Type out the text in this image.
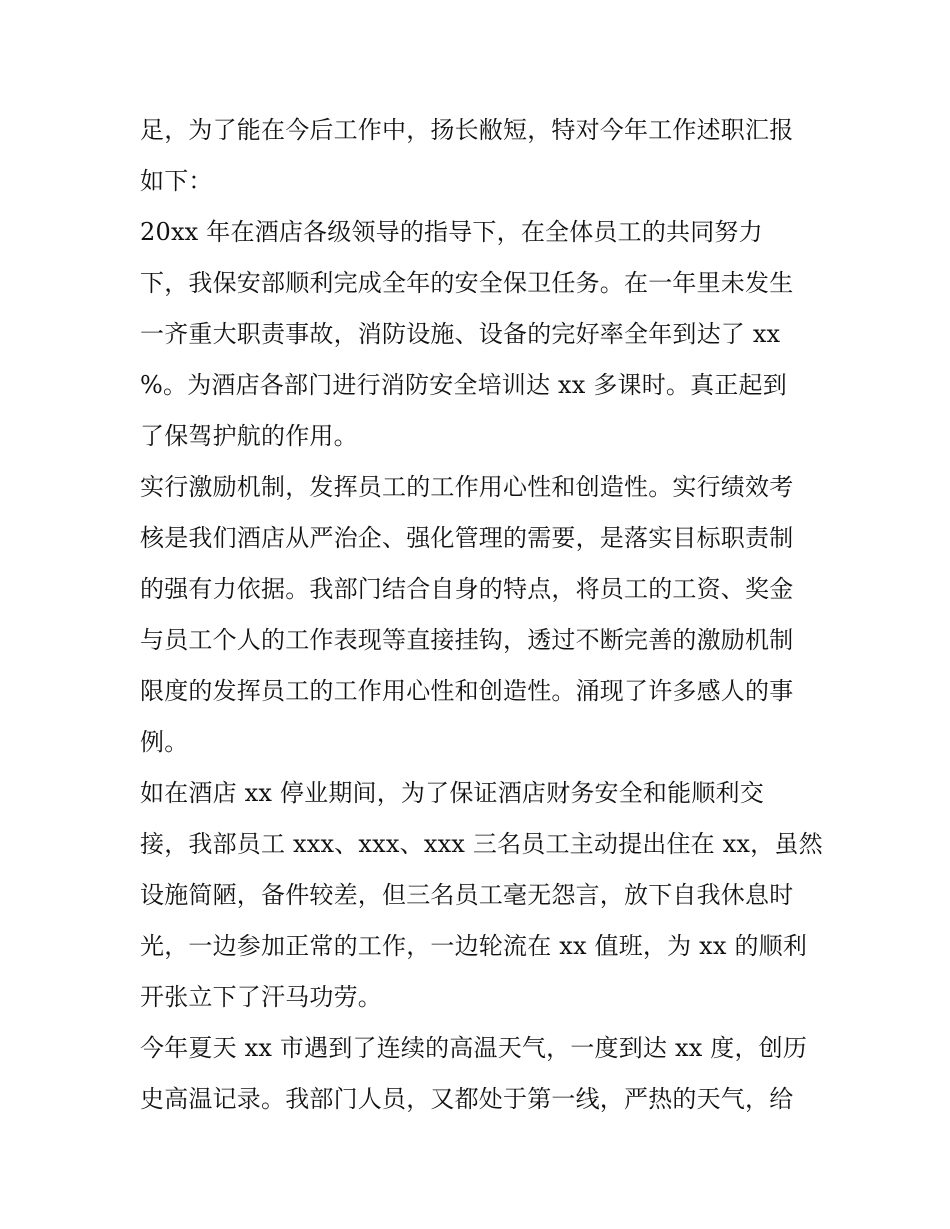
足，为了能在今后工作中，扬长敝短，特对今年工作述职汇报
如下：
20xx 年在酒店各级领导的指导下，在全体员工的共同努力
下，我保安部顺利完成全年的安全保卫任务。在一年里未发生
一齐重大职责事故，消防设施、设备的完好率全年到达了 xx
%。为酒店各部门进行消防安全培训达 xx 多课时。真正起到
了保驾护航的作用。
实行激励机制，发挥员工的工作用心性和创造性。实行绩效考
核是我们酒店从严治企、强化管理的需要，是落实目标职责制
的强有力依据。我部门结合自身的特点，将员工的工资、奖金
与员工个人的工作表现等直接挂钩，透过不断完善的激励机制
限度的发挥员工的工作用心性和创造性。涌现了许多感人的事
例。
如在酒店 xx 停业期间，为了保证酒店财务安全和能顺利交
接，我部员工 xxx、xxx、xxx 三名员工主动提出住在 xx，虽然
设施简陋，备件较差，但三名员工毫无怨言，放下自我休息时
光，一边参加正常的工作，一边轮流在 xx 值班，为 xx 的顺利
开张立下了汗马功劳。
今年夏天 xx 市遇到了连续的高温天气，一度到达 xx 度，创历
史高温记录。我部门人员，又都处于第一线，严热的天气，给
